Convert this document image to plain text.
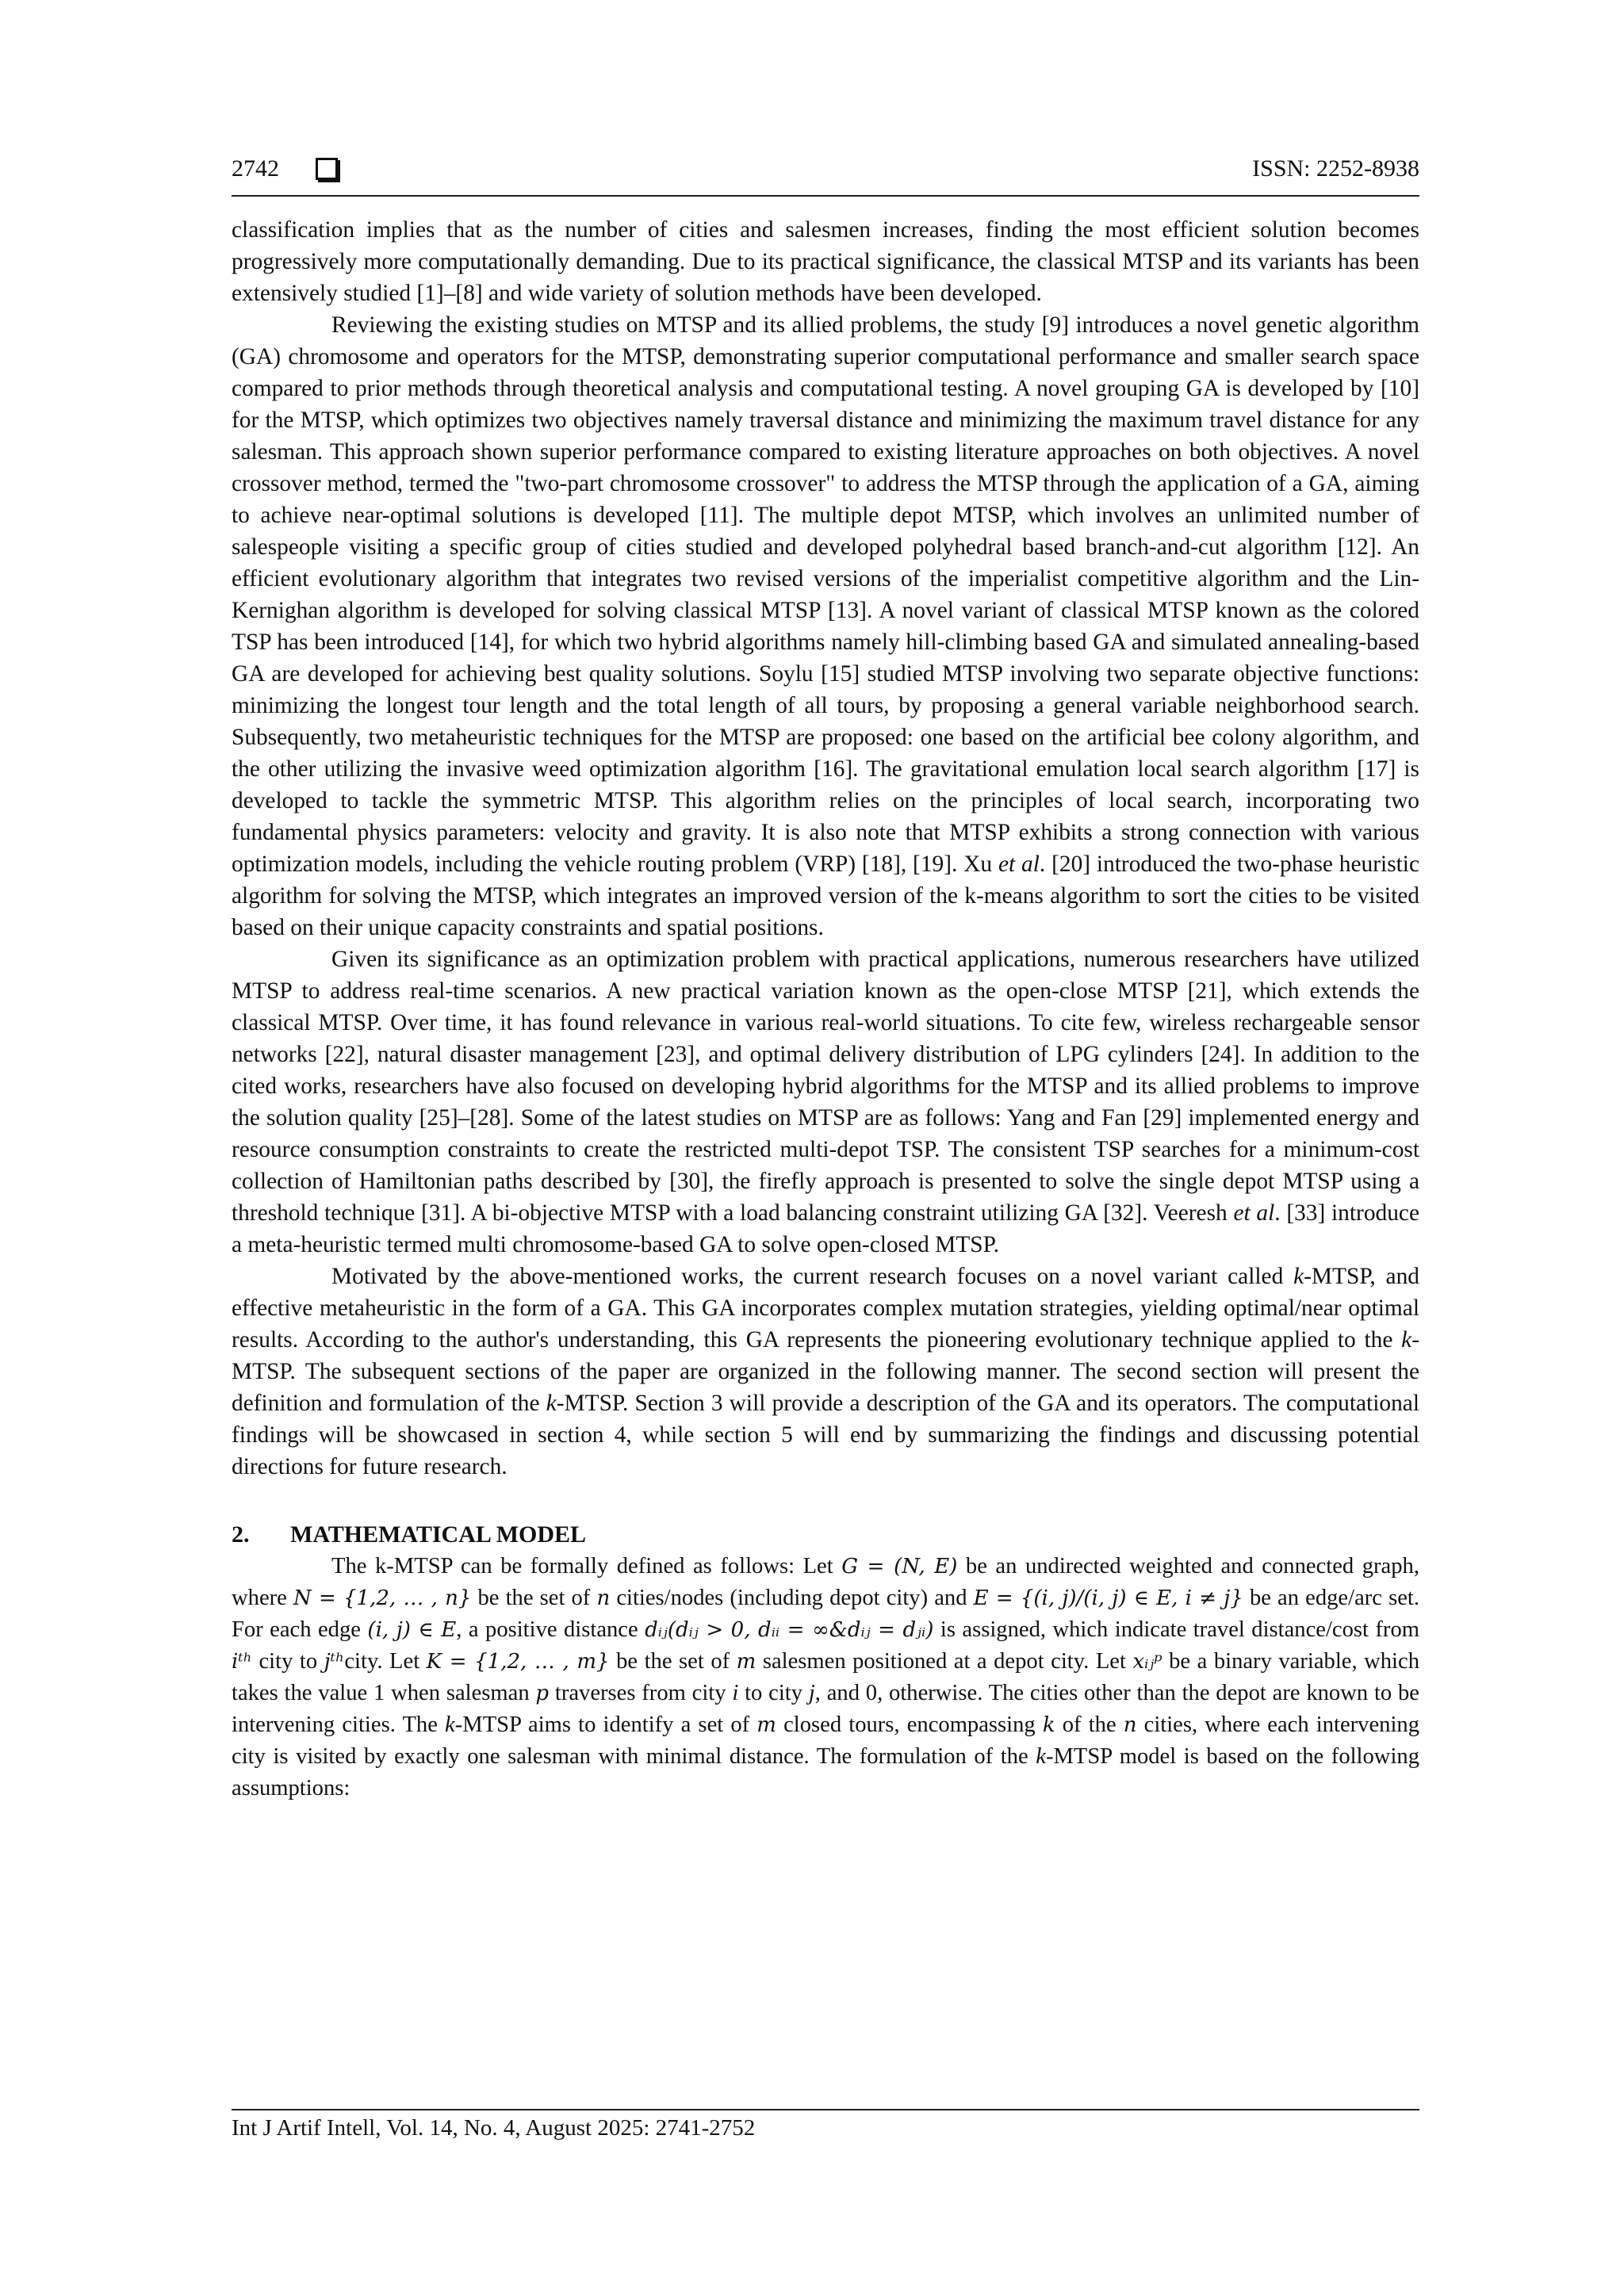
2742	ISSN: 2252-8938

classification implies that as the number of cities and salesmen increases, finding the most efficient solution becomes progressively more computationally demanding. Due to its practical significance, the classical MTSP and its variants has been extensively studied [1]–[8] and wide variety of solution methods have been developed.

Reviewing the existing studies on MTSP and its allied problems, the study [9] introduces a novel genetic algorithm (GA) chromosome and operators for the MTSP, demonstrating superior computational performance and smaller search space compared to prior methods through theoretical analysis and computational testing. A novel grouping GA is developed by [10] for the MTSP, which optimizes two objectives namely traversal distance and minimizing the maximum travel distance for any salesman. This approach shown superior performance compared to existing literature approaches on both objectives. A novel crossover method, termed the "two-part chromosome crossover" to address the MTSP through the application of a GA, aiming to achieve near-optimal solutions is developed [11]. The multiple depot MTSP, which involves an unlimited number of salespeople visiting a specific group of cities studied and developed polyhedral based branch-and-cut algorithm [12]. An efficient evolutionary algorithm that integrates two revised versions of the imperialist competitive algorithm and the Lin-Kernighan algorithm is developed for solving classical MTSP [13]. A novel variant of classical MTSP known as the colored TSP has been introduced [14], for which two hybrid algorithms namely hill-climbing based GA and simulated annealing-based GA are developed for achieving best quality solutions. Soylu [15] studied MTSP involving two separate objective functions: minimizing the longest tour length and the total length of all tours, by proposing a general variable neighborhood search. Subsequently, two metaheuristic techniques for the MTSP are proposed: one based on the artificial bee colony algorithm, and the other utilizing the invasive weed optimization algorithm [16]. The gravitational emulation local search algorithm [17] is developed to tackle the symmetric MTSP. This algorithm relies on the principles of local search, incorporating two fundamental physics parameters: velocity and gravity. It is also note that MTSP exhibits a strong connection with various optimization models, including the vehicle routing problem (VRP) [18], [19]. Xu et al. [20] introduced the two-phase heuristic algorithm for solving the MTSP, which integrates an improved version of the k-means algorithm to sort the cities to be visited based on their unique capacity constraints and spatial positions.

Given its significance as an optimization problem with practical applications, numerous researchers have utilized MTSP to address real-time scenarios. A new practical variation known as the open-close MTSP [21], which extends the classical MTSP. Over time, it has found relevance in various real-world situations. To cite few, wireless rechargeable sensor networks [22], natural disaster management [23], and optimal delivery distribution of LPG cylinders [24]. In addition to the cited works, researchers have also focused on developing hybrid algorithms for the MTSP and its allied problems to improve the solution quality [25]–[28]. Some of the latest studies on MTSP are as follows: Yang and Fan [29] implemented energy and resource consumption constraints to create the restricted multi-depot TSP. The consistent TSP searches for a minimum-cost collection of Hamiltonian paths described by [30], the firefly approach is presented to solve the single depot MTSP using a threshold technique [31]. A bi-objective MTSP with a load balancing constraint utilizing GA [32]. Veeresh et al. [33] introduce a meta-heuristic termed multi chromosome-based GA to solve open-closed MTSP.

Motivated by the above-mentioned works, the current research focuses on a novel variant called k-MTSP, and effective metaheuristic in the form of a GA. This GA incorporates complex mutation strategies, yielding optimal/near optimal results. According to the author's understanding, this GA represents the pioneering evolutionary technique applied to the k-MTSP. The subsequent sections of the paper are organized in the following manner. The second section will present the definition and formulation of the k-MTSP. Section 3 will provide a description of the GA and its operators. The computational findings will be showcased in section 4, while section 5 will end by summarizing the findings and discussing potential directions for future research.

2. MATHEMATICAL MODEL

The k-MTSP can be formally defined as follows: Let G = (N, E) be an undirected weighted and connected graph, where N = {1,2, … , n} be the set of n cities/nodes (including depot city) and E = {(i, j)/(i, j) ∈ E, i ≠ j} be an edge/arc set. For each edge (i, j) ∈ E, a positive distance dᵢⱼ(dᵢⱼ > 0, dᵢᵢ = ∞&dᵢⱼ = dⱼᵢ) is assigned, which indicate travel distance/cost from iᵗʰ city to jᵗʰcity. Let K = {1,2, … , m} be the set of m salesmen positioned at a depot city. Let xᵢⱼᵖ be a binary variable, which takes the value 1 when salesman p traverses from city i to city j, and 0, otherwise. The cities other than the depot are known to be intervening cities. The k-MTSP aims to identify a set of m closed tours, encompassing k of the n cities, where each intervening city is visited by exactly one salesman with minimal distance. The formulation of the k-MTSP model is based on the following assumptions:

Int J Artif Intell, Vol. 14, No. 4, August 2025: 2741-2752
